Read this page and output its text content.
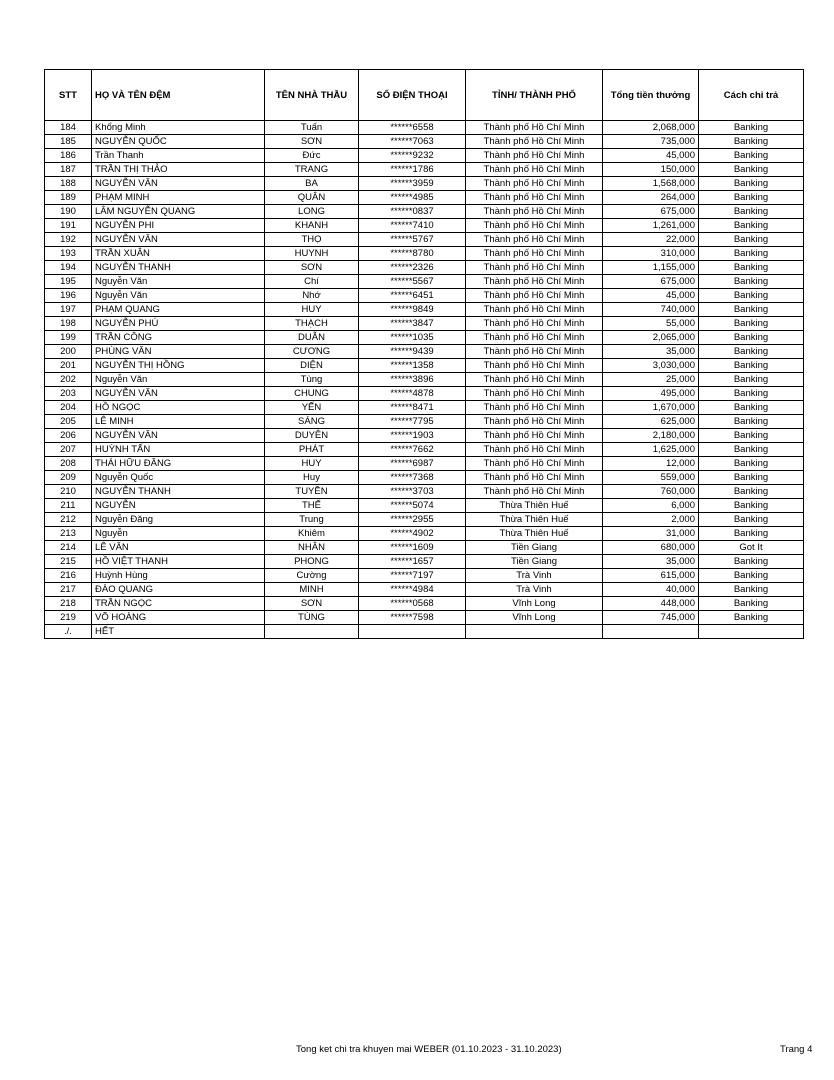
STT	HỌ VÀ TÊN ĐỆM	TÊN NHÀ THẦU	SỐ ĐIỆN THOẠI	TỈNH/ THÀNH PHỐ	Tổng tiền thưởng	Cách chi trả
184	Khổng Minh	Tuấn	******6558	Thành phố Hồ Chí Minh	2,068,000	Banking
185	NGUYỄN QUỐC	SƠN	******7063	Thành phố Hồ Chí Minh	735,000	Banking
186	Trần Thanh	Đức	******9232	Thành phố Hồ Chí Minh	45,000	Banking
187	TRẦN THỊ THẢO	TRANG	******1786	Thành phố Hồ Chí Minh	150,000	Banking
188	NGUYỄN VĂN	BA	******3959	Thành phố Hồ Chí Minh	1,568,000	Banking
189	PHẠM MINH	QUÂN	******4985	Thành phố Hồ Chí Minh	264,000	Banking
190	LÂM NGUYỄN QUANG	LONG	******0837	Thành phố Hồ Chí Minh	675,000	Banking
191	NGUYỄN PHI	KHANH	******7410	Thành phố Hồ Chí Minh	1,261,000	Banking
192	NGUYỄN VĂN	THỌ	******5767	Thành phố Hồ Chí Minh	22,000	Banking
193	TRẦN XUÂN	HUYNH	******8780	Thành phố Hồ Chí Minh	310,000	Banking
194	NGUYỄN THANH	SƠN	******2326	Thành phố Hồ Chí Minh	1,155,000	Banking
195	Nguyễn Văn	Chí	******5567	Thành phố Hồ Chí Minh	675,000	Banking
196	Nguyễn Văn	Nhớ	******6451	Thành phố Hồ Chí Minh	45,000	Banking
197	PHẠM QUANG	HUY	******9849	Thành phố Hồ Chí Minh	740,000	Banking
198	NGUYỄN PHÚ	THẠCH	******3847	Thành phố Hồ Chí Minh	55,000	Banking
199	TRẦN CÔNG	DUẪN	******1035	Thành phố Hồ Chí Minh	2,065,000	Banking
200	PHÙNG VĂN	CƯƠNG	******9439	Thành phố Hồ Chí Minh	35,000	Banking
201	NGUYỄN THỊ HỒNG	DIỆN	******1358	Thành phố Hồ Chí Minh	3,030,000	Banking
202	Nguyễn Văn	Tùng	******3896	Thành phố Hồ Chí Minh	25,000	Banking
203	NGUYỄN VĂN	CHUNG	******4878	Thành phố Hồ Chí Minh	495,000	Banking
204	HỒ NGỌC	YẾN	******8471	Thành phố Hồ Chí Minh	1,670,000	Banking
205	LÊ MINH	SÁNG	******7795	Thành phố Hồ Chí Minh	625,000	Banking
206	NGUYỄN VĂN	DUYÊN	******1903	Thành phố Hồ Chí Minh	2,180,000	Banking
207	HUỲNH TẤN	PHÁT	******7662	Thành phố Hồ Chí Minh	1,625,000	Banking
208	THÁI HỮU ĐĂNG	HUY	******6987	Thành phố Hồ Chí Minh	12,000	Banking
209	Nguyễn Quốc	Huy	******7368	Thành phố Hồ Chí Minh	559,000	Banking
210	NGUYỄN THANH	TUYỀN	******3703	Thành phố Hồ Chí Minh	760,000	Banking
211	NGUYỄN	THẾ	******5074	Thừa Thiên Huế	6,000	Banking
212	Nguyễn Đăng	Trung	******2955	Thừa Thiên Huế	2,000	Banking
213	Nguyễn	Khiêm	******4902	Thừa Thiên Huế	31,000	Banking
214	LÊ VĂN	NHÂN	******1609	Tiền Giang	680,000	Got It
215	HỒ VIỆT THANH	PHONG	******1657	Tiền Giang	35,000	Banking
216	Huỳnh Hùng	Cường	******7197	Trà Vinh	615,000	Banking
217	ĐÀO QUANG	MINH	******4984	Trà Vinh	40,000	Banking
218	TRẦN NGỌC	SƠN	******0568	Vĩnh Long	448,000	Banking
219	VÕ HOÀNG	TÙNG	******7598	Vĩnh Long	745,000	Banking
./.	HẾT					
Tong ket chi tra khuyen mai WEBER (01.10.2023 - 31.10.2023)	Trang 4
